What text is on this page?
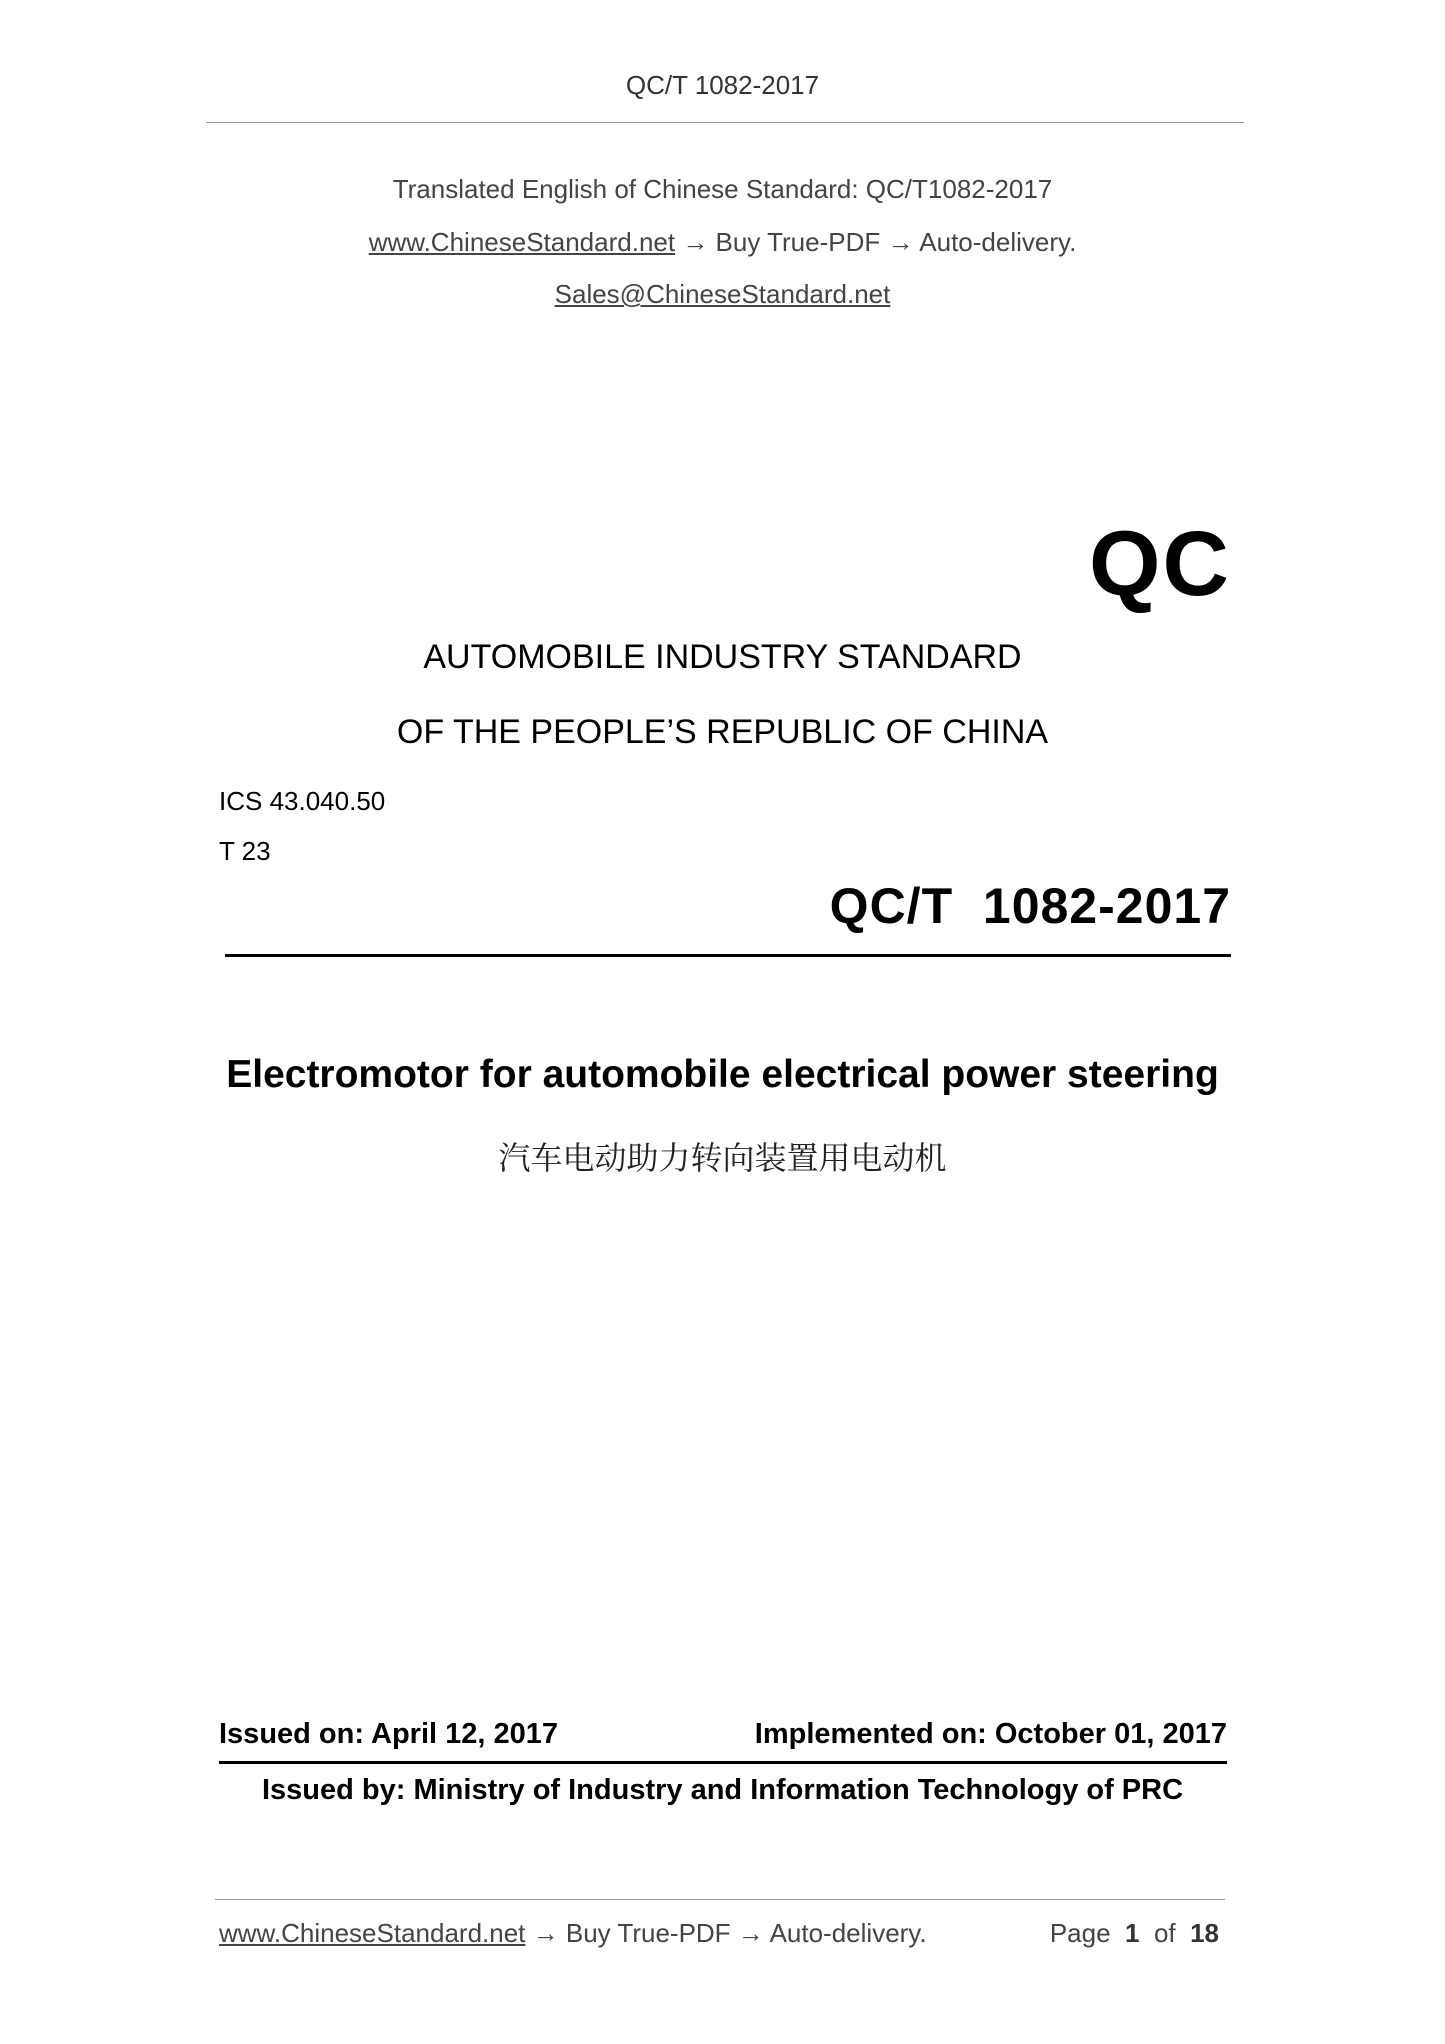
QC/T 1082-2017
Translated English of Chinese Standard: QC/T1082-2017
www.ChineseStandard.net → Buy True-PDF → Auto-delivery.
Sales@ChineseStandard.net
QC
AUTOMOBILE INDUSTRY STANDARD
OF THE PEOPLE’S REPUBLIC OF CHINA
ICS 43.040.50
T 23
QC/T  1082-2017
Electromotor for automobile electrical power steering
汽车电动助力转向装置用电动机
Issued on: April 12, 2017	Implemented on: October 01, 2017
Issued by: Ministry of Industry and Information Technology of PRC
www.ChineseStandard.net → Buy True-PDF → Auto-delivery.	Page 1 of 18
